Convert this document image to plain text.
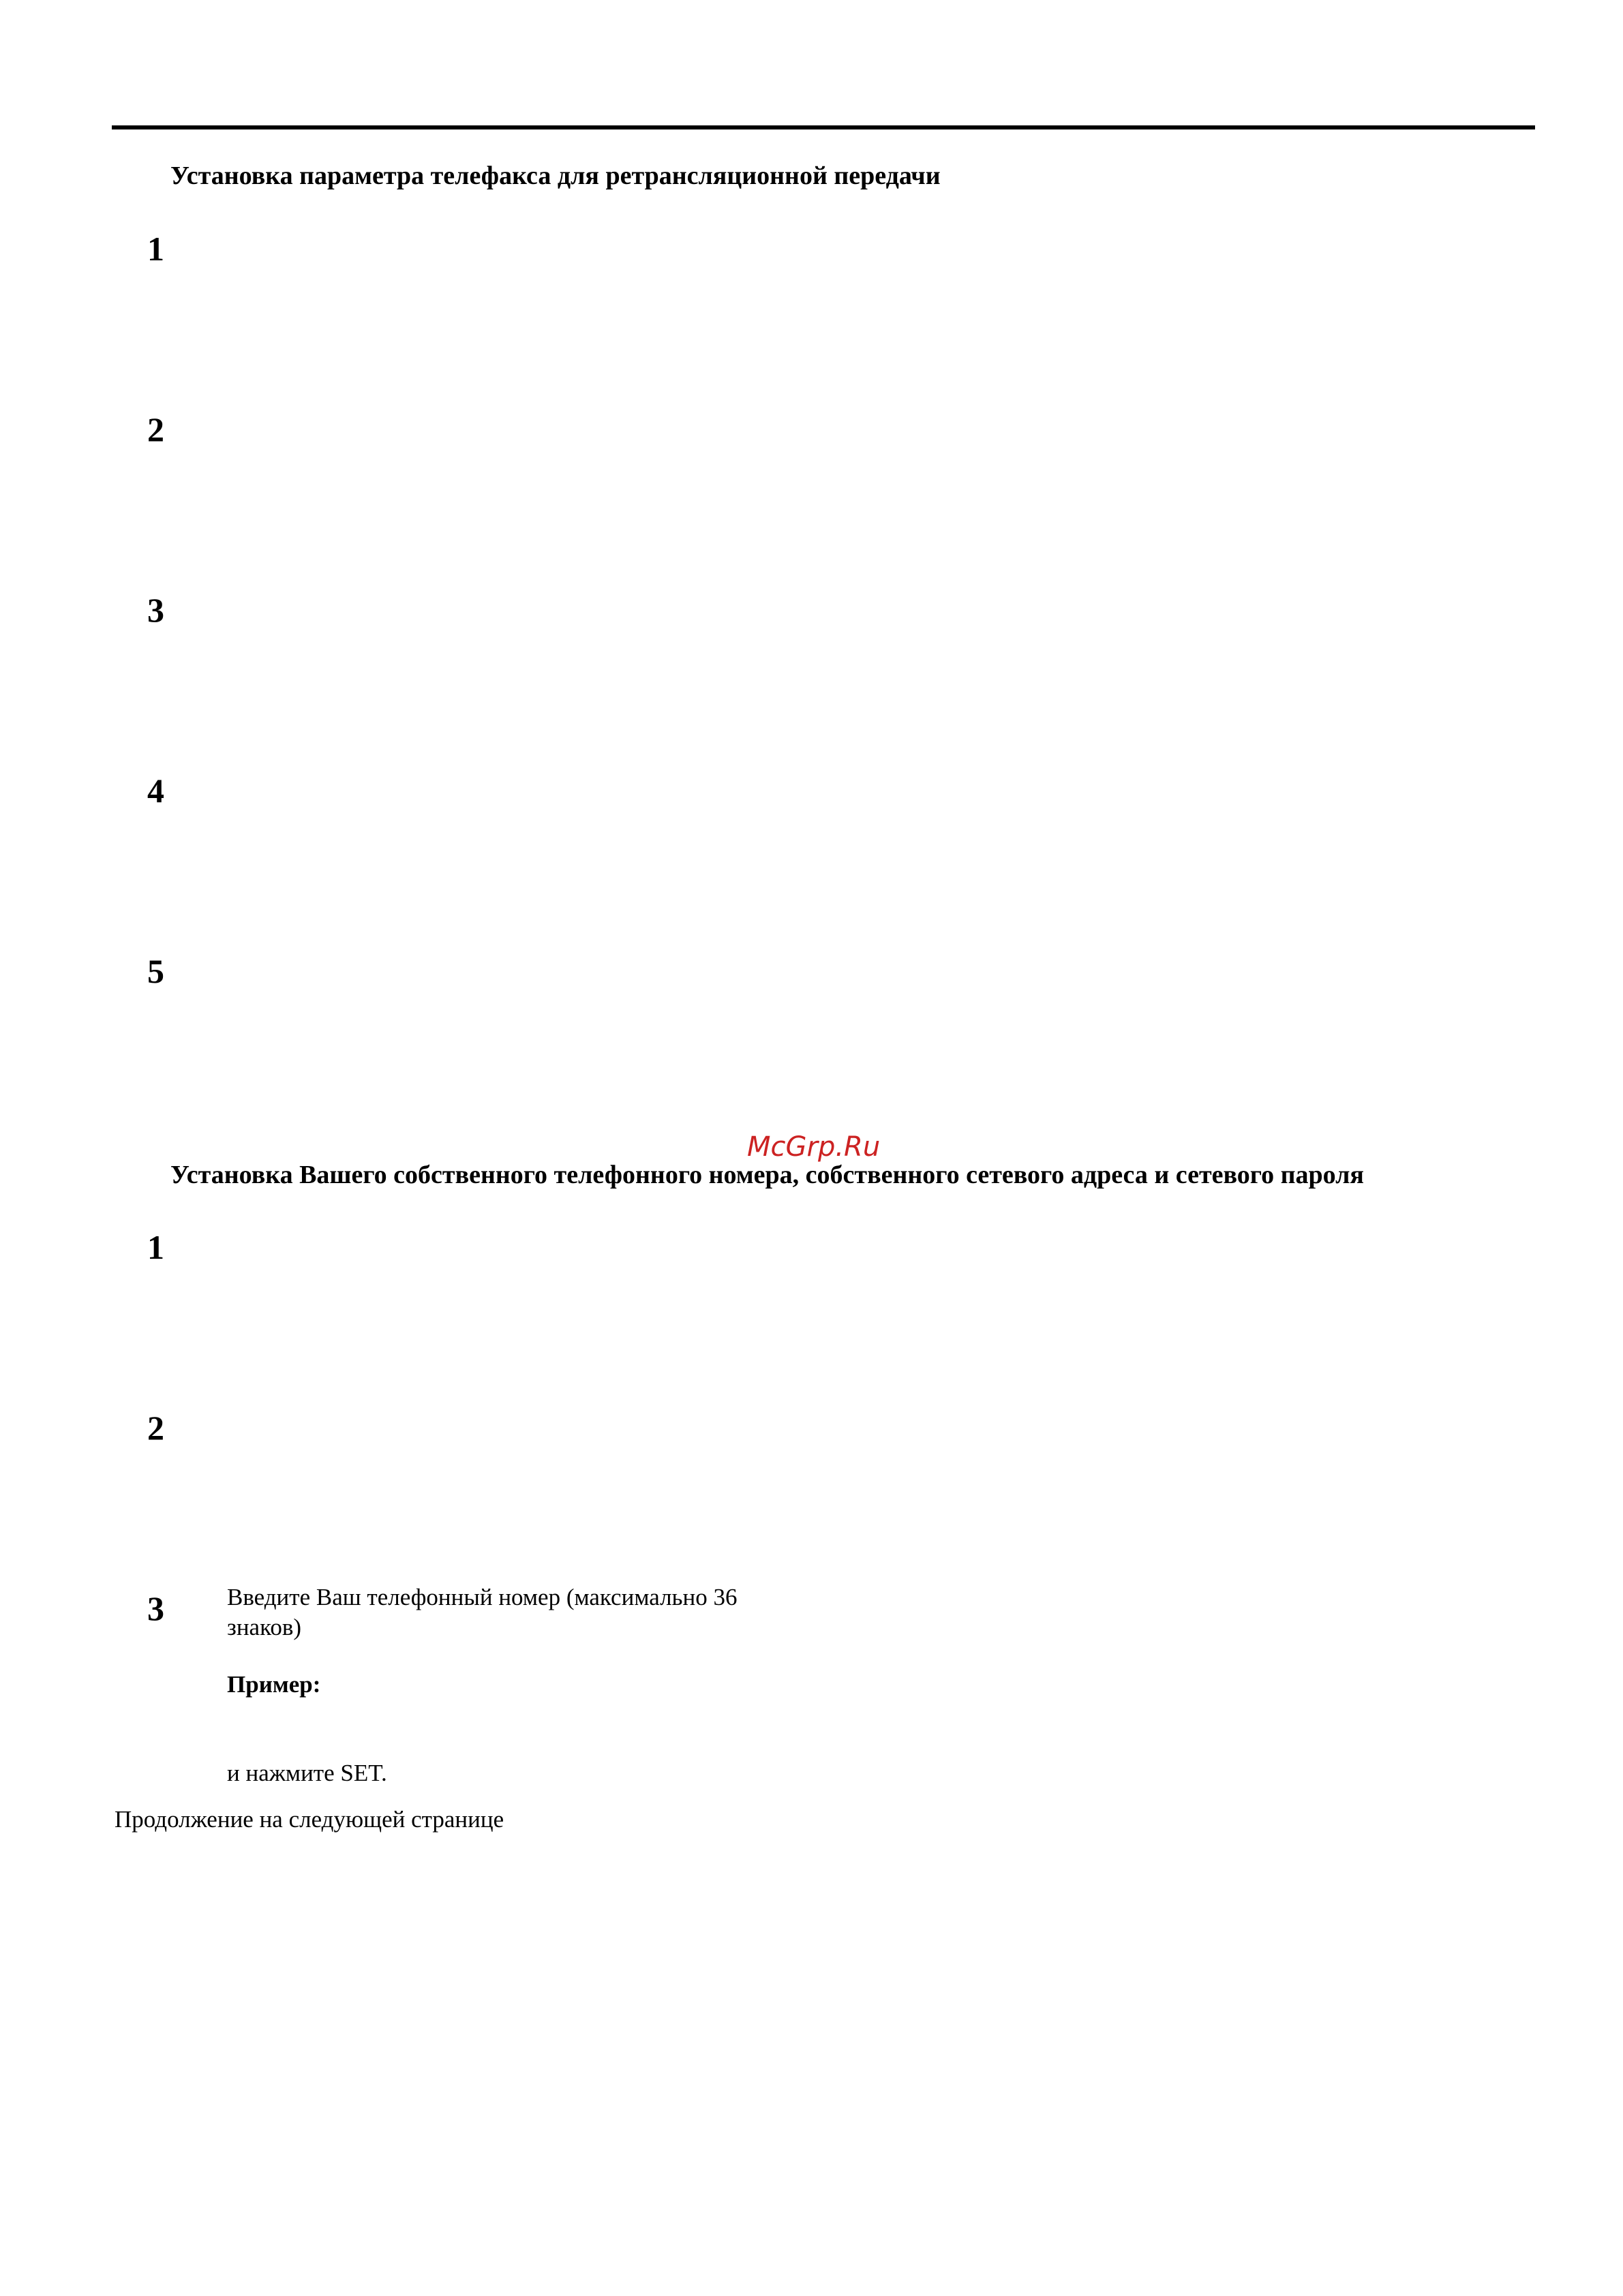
Установка параметра телефакса для ретрансляционной передачи
1
2
3
4
5
McGrp.Ru
Установка Вашего собственного телефонного номера, собственного сетевого адреса и сетевого пароля
1
2
3	Введите Ваш телефонный номер (максимально 36
знаков)
Пример:
и нажмите SET.
Продолжение на следующей странице
